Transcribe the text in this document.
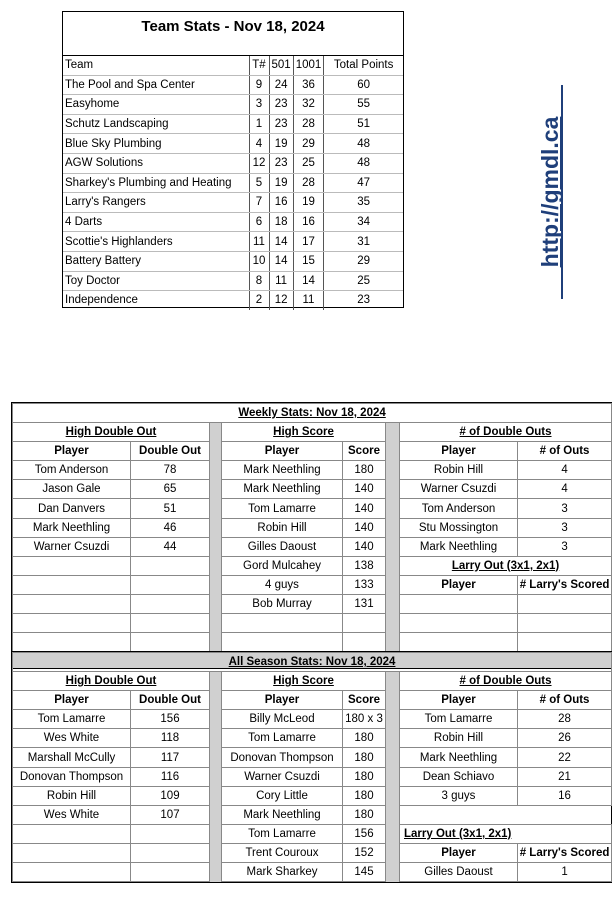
Team Stats - Nov 18, 2024
Team	T#	501	1001	Total Points
The Pool and Spa Center	9	24	36	60
Easyhome	3	23	32	55
Schutz Landscaping	1	23	28	51
Blue Sky Plumbing	4	19	29	48
AGW Solutions	12	23	25	48
Sharkey's Plumbing and Heating	5	19	28	47
Larry's Rangers	7	16	19	35
4 Darts	6	18	16	34
Scottie's Highlanders	11	14	17	31
Battery Battery	10	14	15	29
Toy Doctor	8	11	14	25
Independence	2	12	11	23
http://gmdl.ca
Weekly Stats: Nov 18, 2024							
High Double Out			High Score			# of Double Outs	
Player	Double Out		Player	Score		Player	# of Outs
Tom Anderson	78		Mark Neethling	180		Robin Hill	4
Jason Gale	65		Mark Neethling	140		Warner Csuzdi	4
Dan Danvers	51		Tom Lamarre	140		Tom Anderson	3
Mark Neethling	46		Robin Hill	140		Stu Mossington	3
Warner Csuzdi	44		Gilles Daoust	140		Mark Neethling	3
			Gord Mulcahey	138		Larry Out (3x1, 2x1)	
			4 guys	133		Player	# Larry's Scored
			Bob Murray	131			

All Season Stats: Nov 18, 2024							
High Double Out			High Score			# of Double Outs	
Player	Double Out		Player	Score		Player	# of Outs
Tom Lamarre	156		Billy McLeod	180 x 3		Tom Lamarre	28
Wes White	118		Tom Lamarre	180		Robin Hill	26
Marshall McCully	117		Donovan Thompson	180		Mark Neethling	22
Donovan Thompson	116		Warner Csuzdi	180		Dean Schiavo	21
Robin Hill	109		Cory Little	180		3 guys	16
Wes White	107		Mark Neethling	180			
			Tom Lamarre	156		Larry Out (3x1, 2x1)	
			Trent Couroux	152		Player	# Larry's Scored
			Mark Sharkey	145		Gilles Daoust	1
